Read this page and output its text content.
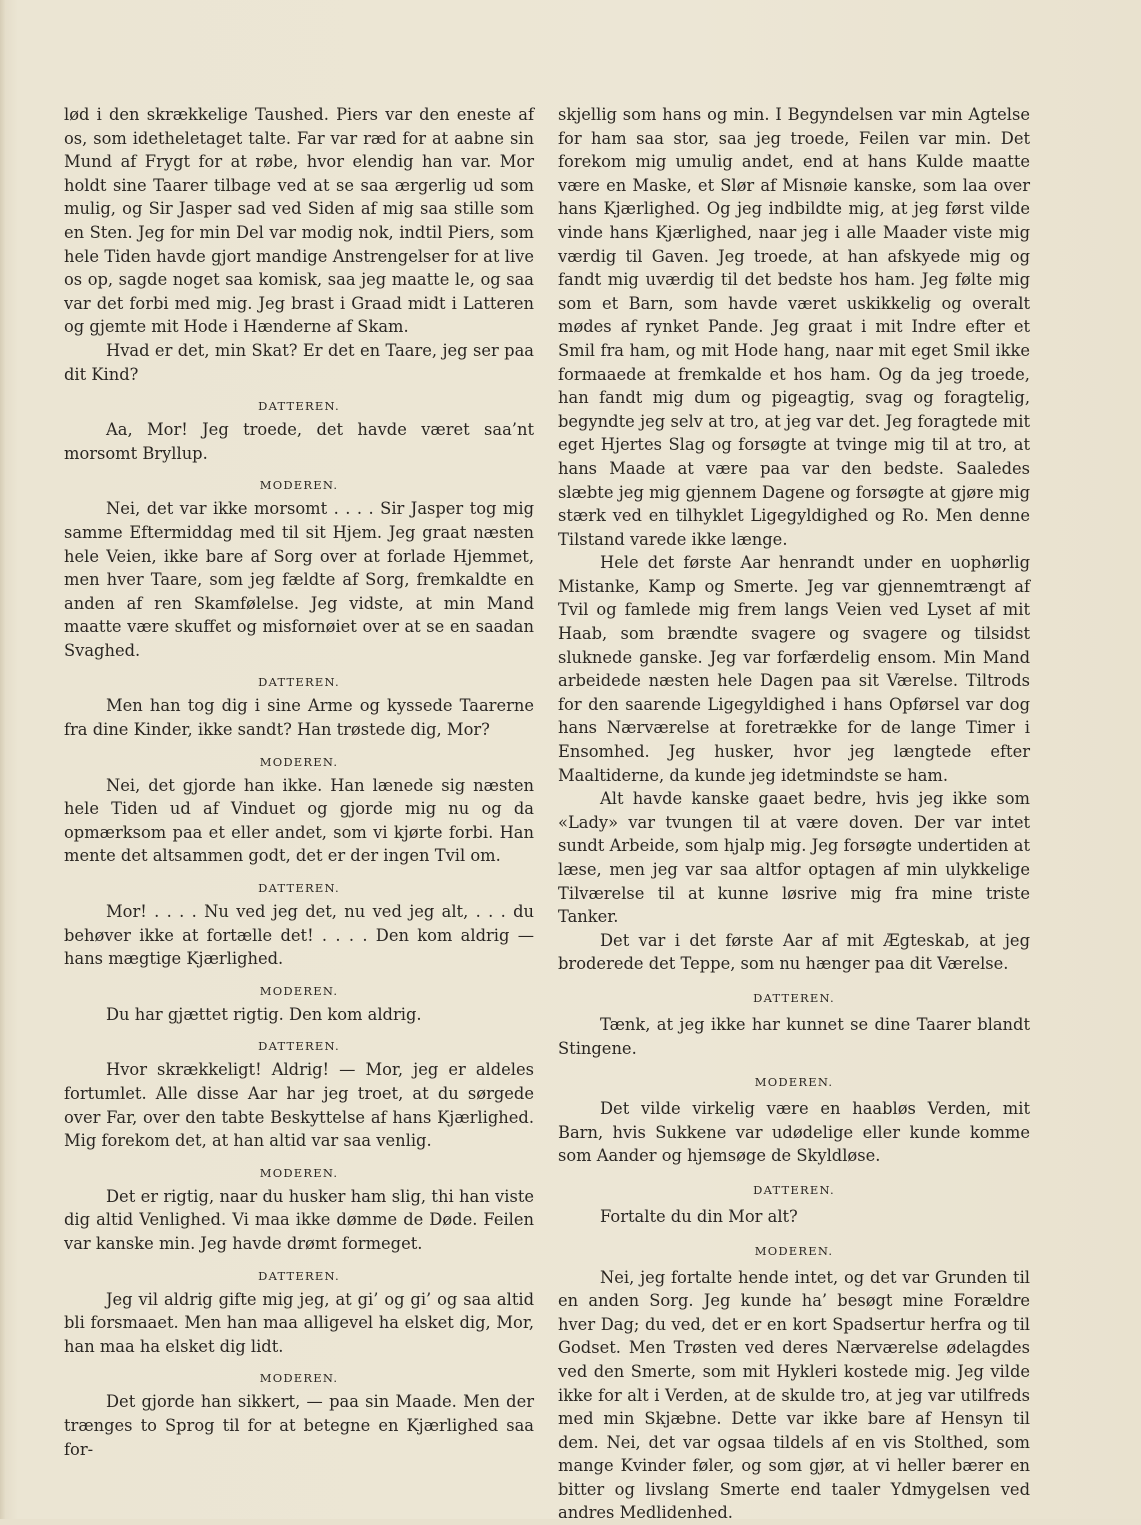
lød i den skrækkelige Taushed. Piers var den eneste af os, som idetheletaget talte. Far var ræd for at aabne sin Mund af Frygt for at røbe, hvor elendig han var. Mor holdt sine Taarer tilbage ved at se saa ærgerlig ud som mulig, og Sir Jasper sad ved Siden af mig saa stille som en Sten. Jeg for min Del var modig nok, indtil Piers, som hele Tiden havde gjort mandige Anstrengelser for at live os op, sagde noget saa komisk, saa jeg maatte le, og saa var det forbi med mig. Jeg brast i Graad midt i Latteren og gjemte mit Hode i Hænderne af Skam.

Hvad er det, min Skat? Er det en Taare, jeg ser paa dit Kind?

DATTEREN.

Aa, Mor! Jeg troede, det havde været saa’nt morsomt Bryllup.

MODEREN.

Nei, det var ikke morsomt . . . . Sir Jasper tog mig samme Eftermiddag med til sit Hjem. Jeg graat næsten hele Veien, ikke bare af Sorg over at forlade Hjemmet, men hver Taare, som jeg fældte af Sorg, fremkaldte en anden af ren Skamfølelse. Jeg vidste, at min Mand maatte være skuffet og misfornøiet over at se en saadan Svaghed.

DATTEREN.

Men han tog dig i sine Arme og kyssede Taarerne fra dine Kinder, ikke sandt? Han trøstede dig, Mor?

MODEREN.

Nei, det gjorde han ikke. Han lænede sig næsten hele Tiden ud af Vinduet og gjorde mig nu og da opmærksom paa et eller andet, som vi kjørte forbi. Han mente det altsammen godt, det er der ingen Tvil om.

DATTEREN.

Mor! . . . . Nu ved jeg det, nu ved jeg alt, . . . du behøver ikke at fortælle det! . . . . Den kom aldrig — hans mægtige Kjærlighed.

MODEREN.

Du har gjættet rigtig. Den kom aldrig.

DATTEREN.

Hvor skrækkeligt! Aldrig! — Mor, jeg er aldeles fortumlet. Alle disse Aar har jeg troet, at du sørgede over Far, over den tabte Beskyttelse af hans Kjærlighed. Mig forekom det, at han altid var saa venlig.

MODEREN.

Det er rigtig, naar du husker ham slig, thi han viste dig altid Venlighed. Vi maa ikke dømme de Døde. Feilen var kanske min. Jeg havde drømt formeget.

DATTEREN.

Jeg vil aldrig gifte mig jeg, at gi’ og gi’ og saa altid bli forsmaaet. Men han maa alligevel ha elsket dig, Mor, han maa ha elsket dig lidt.

MODEREN.

Det gjorde han sikkert, — paa sin Maade. Men der trænges to Sprog til for at betegne en Kjærlighed saa for-

skjellig som hans og min. I Begyndelsen var min Agtelse for ham saa stor, saa jeg troede, Feilen var min. Det forekom mig umulig andet, end at hans Kulde maatte være en Maske, et Slør af Misnøie kanske, som laa over hans Kjærlighed. Og jeg indbildte mig, at jeg først vilde vinde hans Kjærlighed, naar jeg i alle Maader viste mig værdig til Gaven. Jeg troede, at han afskyede mig og fandt mig uværdig til det bedste hos ham. Jeg følte mig som et Barn, som havde været uskikkelig og overalt mødes af rynket Pande. Jeg graat i mit Indre efter et Smil fra ham, og mit Hode hang, naar mit eget Smil ikke formaaede at fremkalde et hos ham. Og da jeg troede, han fandt mig dum og pigeagtig, svag og foragtelig, begyndte jeg selv at tro, at jeg var det. Jeg foragtede mit eget Hjertes Slag og forsøgte at tvinge mig til at tro, at hans Maade at være paa var den bedste. Saaledes slæbte jeg mig gjennem Dagene og forsøgte at gjøre mig stærk ved en tilhyklet Ligegyldighed og Ro. Men denne Tilstand varede ikke længe.

Hele det første Aar henrandt under en uophørlig Mistanke, Kamp og Smerte. Jeg var gjennemtrængt af Tvil og famlede mig frem langs Veien ved Lyset af mit Haab, som brændte svagere og svagere og tilsidst sluknede ganske. Jeg var forfærdelig ensom. Min Mand arbeidede næsten hele Dagen paa sit Værelse. Tiltrods for den saarende Ligegyldighed i hans Opførsel var dog hans Nærværelse at foretrække for de lange Timer i Ensomhed. Jeg husker, hvor jeg længtede efter Maaltiderne, da kunde jeg idetmindste se ham.

Alt havde kanske gaaet bedre, hvis jeg ikke som «Lady» var tvungen til at være doven. Der var intet sundt Arbeide, som hjalp mig. Jeg forsøgte undertiden at læse, men jeg var saa altfor optagen af min ulykkelige Tilværelse til at kunne løsrive mig fra mine triste Tanker.

Det var i det første Aar af mit Ægteskab, at jeg broderede det Teppe, som nu hænger paa dit Værelse.

DATTEREN.

Tænk, at jeg ikke har kunnet se dine Taarer blandt Stingene.

MODEREN.

Det vilde virkelig være en haabløs Verden, mit Barn, hvis Sukkene var udødelige eller kunde komme som Aander og hjemsøge de Skyldløse.

DATTEREN.

Fortalte du din Mor alt?

MODEREN.

Nei, jeg fortalte hende intet, og det var Grunden til en anden Sorg. Jeg kunde ha’ besøgt mine Forældre hver Dag; du ved, det er en kort Spadsertur herfra og til Godset. Men Trøsten ved deres Nærværelse ødelagdes ved den Smerte, som mit Hykleri kostede mig. Jeg vilde ikke for alt i Verden, at de skulde tro, at jeg var utilfreds med min Skjæbne. Dette var ikke bare af Hensyn til dem. Nei, det var ogsaa tildels af en vis Stolthed, som mange Kvinder føler, og som gjør, at vi heller bærer en bitter og livslang Smerte end taaler Ydmygelsen ved andres Medlidenhed.
